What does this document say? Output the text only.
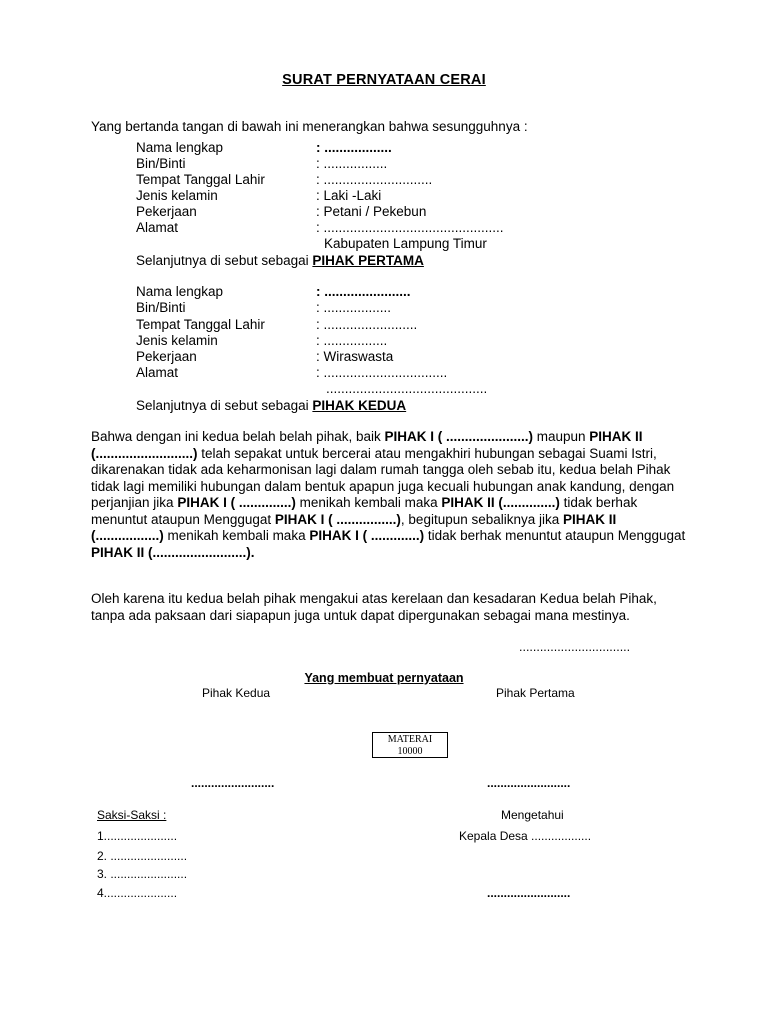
SURAT PERNYATAAN CERAI
Yang bertanda tangan di bawah ini menerangkan bahwa sesungguhnya :
Nama lengkap	: ..................
Bin/Binti	: .................
Tempat Tanggal Lahir	: .............................
Jenis kelamin	: Laki -Laki
Pekerjaan	: Petani / Pekebun
Alamat	: ................................................
Kabupaten Lampung Timur
Selanjutnya di sebut sebagai PIHAK PERTAMA
Nama lengkap	: .......................
Bin/Binti	: ..................
Tempat Tanggal Lahir	: .........................
Jenis kelamin	: .................
Pekerjaan	: Wiraswasta
Alamat	: .................................
...........................................
Selanjutnya di sebut sebagai PIHAK KEDUA
Bahwa dengan ini kedua belah belah pihak, baik PIHAK I ( ......................) maupun PIHAK II (..........................) telah sepakat untuk bercerai atau mengakhiri hubungan sebagai Suami Istri, dikarenakan tidak ada keharmonisan lagi dalam rumah tangga oleh sebab itu, kedua belah Pihak tidak lagi memiliki hubungan dalam bentuk apapun juga kecuali hubungan anak kandung, dengan perjanjian jika PIHAK I ( ..............) menikah kembali maka PIHAK II (..............) tidak berhak menuntut ataupun Menggugat PIHAK I ( ................), begitupun sebaliknya jika PIHAK II (.................) menikah kembali maka PIHAK I ( .............) tidak berhak menuntut ataupun Menggugat PIHAK II (.........................).
Oleh karena itu kedua belah pihak mengakui atas kerelaan dan kesadaran Kedua belah Pihak, tanpa ada paksaan dari siapapun juga untuk dapat dipergunakan sebagai mana mestinya.
................................
Yang membuat pernyataan
Pihak Kedua	Pihak Pertama
MATERAI
10000
.........................	.........................
Saksi-Saksi :
1......................
2. .......................
3. .......................
4......................
Mengetahui
Kepala Desa ..................
.........................
